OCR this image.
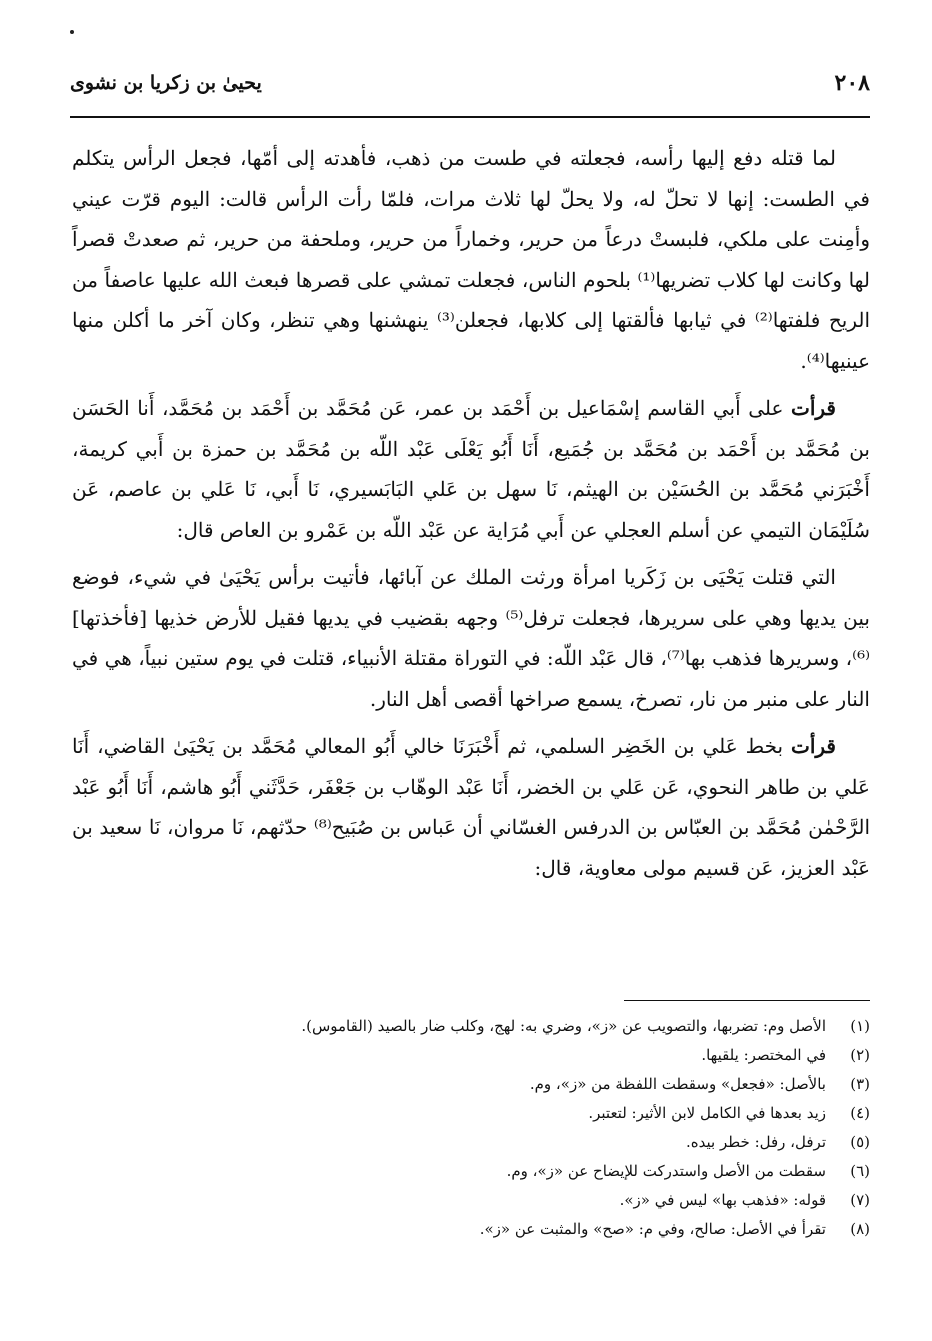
٢٠٨
يحيىٰ بن زكريا بن نشوى

لما قتله دفع إليها رأسه، فجعلته في طست من ذهب، فأهدته إلى أمّها، فجعل الرأس يتكلم في الطست: إنها لا تحلّ له، ولا يحلّ لها ثلاث مرات، فلمّا رأت الرأس قالت: اليوم قرّت عيني وأمِنت على ملكي، فلبستْ درعاً من حرير، وخماراً من حرير، وملحفة من حرير، ثم صعدتْ قصراً لها وكانت لها كلاب تضريها⁽¹⁾ بلحوم الناس، فجعلت تمشي على قصرها فبعث الله عليها عاصفاً من الريح فلفتها⁽²⁾ في ثيابها فألقتها إلى كلابها، فجعلن⁽³⁾ ينهشنها وهي تنظر، وكان آخر ما أكلن منها عينيها⁽⁴⁾.

قرأت على أَبي القاسم إسْمَاعيل بن أَحْمَد بن عمر، عَن مُحَمَّد بن أَحْمَد بن مُحَمَّد، أَنا الحَسَن بن مُحَمَّد بن أَحْمَد بن مُحَمَّد بن جُمَيع، أَنَا أَبُو يَعْلَى عَبْد اللّه بن مُحَمَّد بن حمزة بن أَبي كريمة، أَخْبَرَني مُحَمَّد بن الحُسَيْن بن الهيثم، نَا سهل بن عَلي البَابَسيري، نَا أَبي، نَا عَلي بن عاصم، عَن سُلَيْمَان التيمي عن أسلم العجلي عن أَبي مُرَاية عن عَبْد اللّه بن عَمْرو بن العاص قال:

التي قتلت يَحْيَى بن زَكَريا امرأة ورثت الملك عن آبائها، فأتيت برأس يَحْيَىٰ في شيء، فوضع بين يديها وهي على سريرها، فجعلت ترفل⁽⁵⁾ وجهه بقضيب في يديها فقيل للأرض خذيها [فأخذتها]⁽⁶⁾، وسريرها فذهب بها⁽⁷⁾، قال عَبْد اللّه: في التوراة مقتلة الأنبياء، قتلت في يوم ستين نبياً، هي في النار على منبر من نار، تصرخ، يسمع صراخها أقصى أهل النار.

قرأت بخط عَلي بن الخَضِر السلمي، ثم أَخْبَرَنَا خالي أَبُو المعالي مُحَمَّد بن يَحْيَىٰ القاضي، أَنَا عَلي بن طاهر النحوي، عَن عَلي بن الخضر، أَنَا عَبْد الوهّاب بن جَعْفَر، حَدَّثَني أَبُو هاشم، أَنَا أَبُو عَبْد الرَّحْمٰن مُحَمَّد بن العبّاس بن الدرفس الغسّاني أن عَباس بن صُبَيح⁽⁸⁾ حدّثهم، نَا مروان، نَا سعيد بن عَبْد العزيز، عَن قسيم مولى معاوية، قال:

(١)
الأصل وم: تضربها، والتصويب عن «ز»، وضري به: لهج، وكلب ضار بالصيد (القاموس).
(٢)
في المختصر: يلقيها.
(٣)
بالأصل: «فجعل» وسقطت اللفظة من «ز»، وم.
(٤)
زيد بعدها في الكامل لابن الأثير: لتعتبر.
(٥)
ترفل، رفل: خطر بيده.
(٦)
سقطت من الأصل واستدركت للإيضاح عن «ز»، وم.
(٧)
قوله: «فذهب بها» ليس في «ز».
(٨)
تقرأ في الأصل: صالح، وفي م: «صح» والمثبت عن «ز».
